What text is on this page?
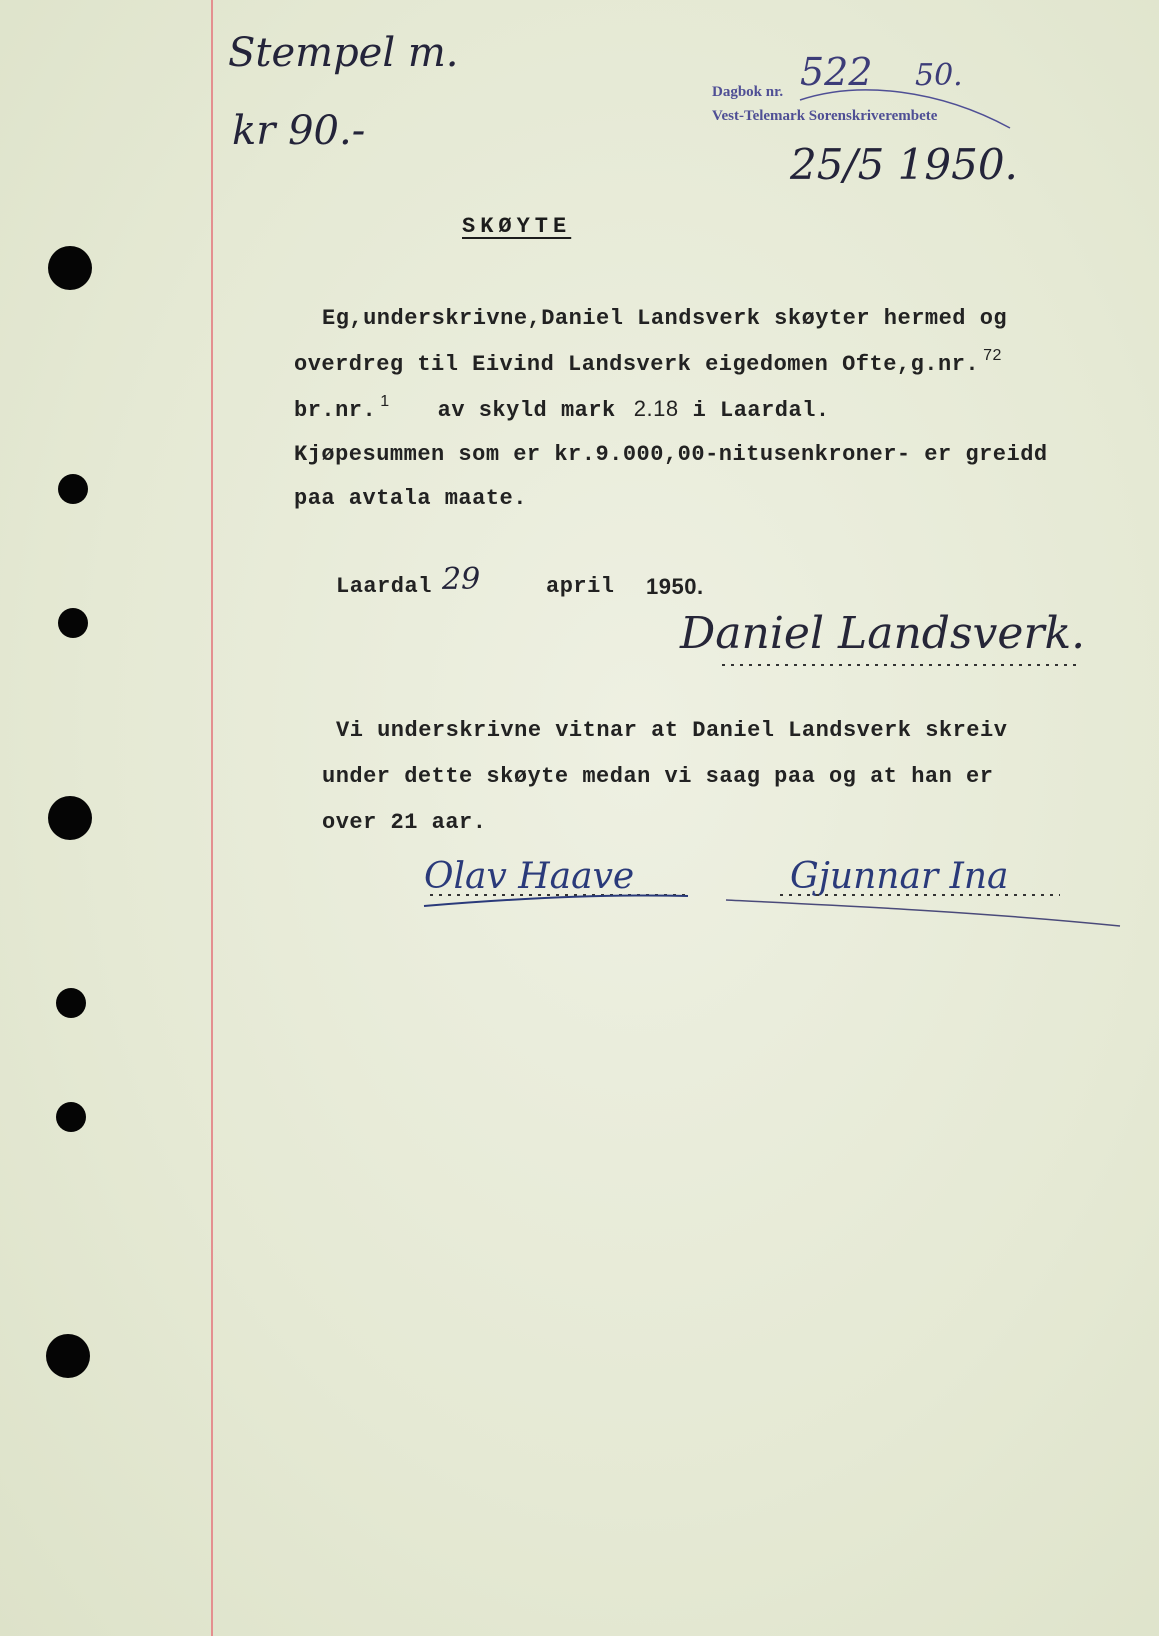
Stempel m.
kr 90.-
Dagbok nr. 522 50.
Vest-Telemark Sorenskriverembete
25/5 1950.
SKØYTE
Eg,underskrivne,Daniel Landsverk skøyter hermed og
overdreg til Eivind Landsverk eigedomen Ofte,g.nr. $^{72}$
br.nr. $^1$ av skyld mark 2.18 i Laardal.
Kjøpesummen som er kr.9.000,00-nitusenkroner- er greidd
paa avtala maate.
Laardal 29	april 1950.
Daniel Landsverk.
Vi underskrivne vitnar at Daniel Landsverk skreiv
under dette skøyte medan vi saag paa og at han er
over 21 aar.
Olav Haave	Gjunnar Ina
